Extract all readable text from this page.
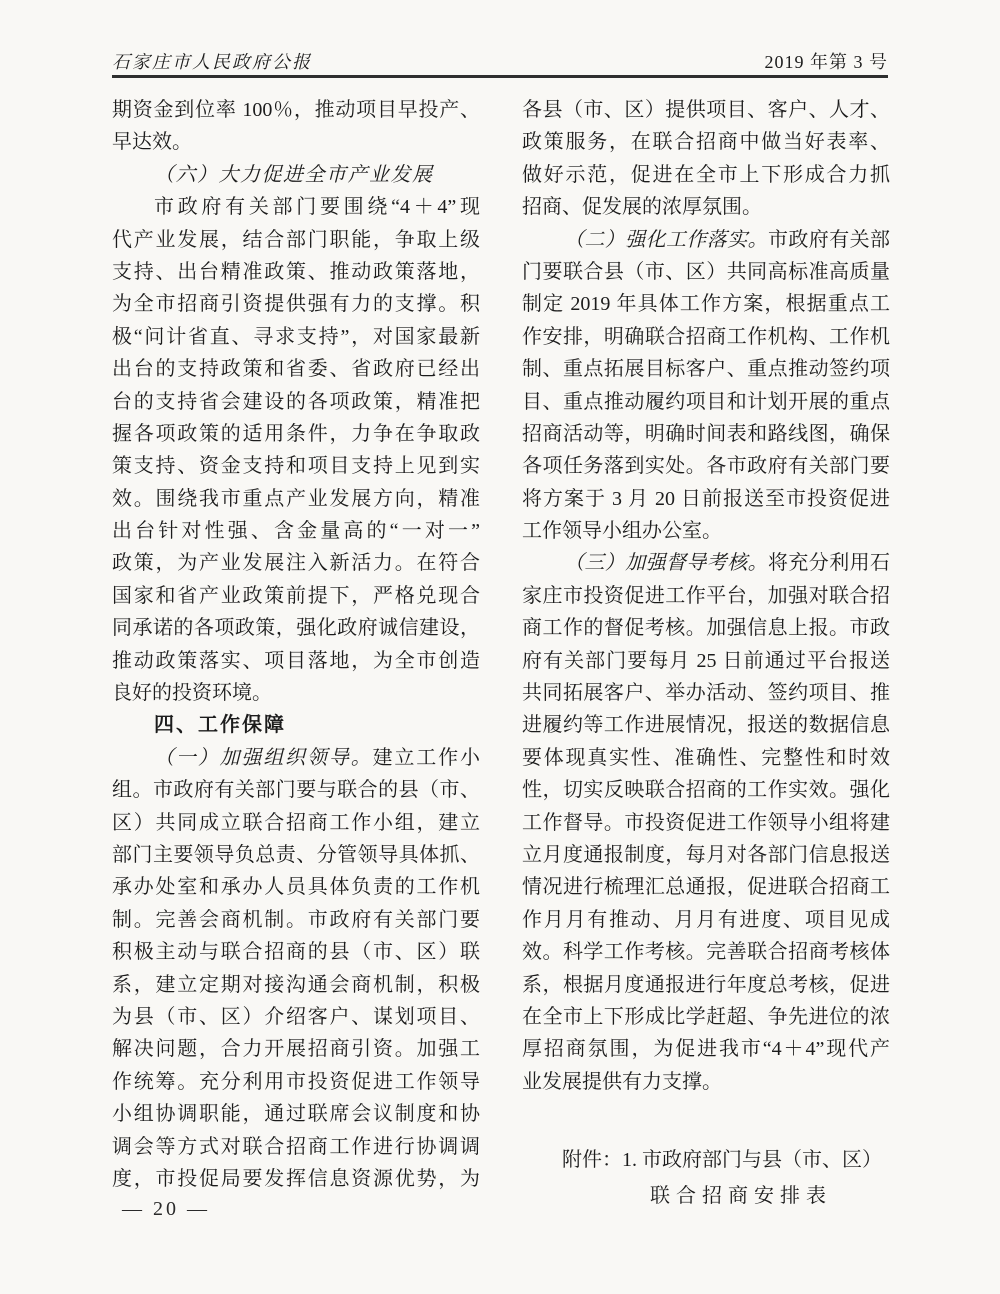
石家庄市人民政府公报	2019 年第 3 号
期资金到位率 100％，推动项目早投产、
早达效。
（六）大力促进全市产业发展
市政府有关部门要围绕“4＋4”现
代产业发展，结合部门职能，争取上级
支持、出台精准政策、推动政策落地，
为全市招商引资提供强有力的支撑。积
极“问计省直、寻求支持”，对国家最新
出台的支持政策和省委、省政府已经出
台的支持省会建设的各项政策，精准把
握各项政策的适用条件，力争在争取政
策支持、资金支持和项目支持上见到实
效。围绕我市重点产业发展方向，精准
出台针对性强、含金量高的“一对一”
政策，为产业发展注入新活力。在符合
国家和省产业政策前提下，严格兑现合
同承诺的各项政策，强化政府诚信建设，
推动政策落实、项目落地，为全市创造
良好的投资环境。
四、工作保障
（一）加强组织领导。建立工作小
组。市政府有关部门要与联合的县（市、
区）共同成立联合招商工作小组，建立
部门主要领导负总责、分管领导具体抓、
承办处室和承办人员具体负责的工作机
制。完善会商机制。市政府有关部门要
积极主动与联合招商的县（市、区）联
系，建立定期对接沟通会商机制，积极
为县（市、区）介绍客户、谋划项目、
解决问题，合力开展招商引资。加强工
作统筹。充分利用市投资促进工作领导
小组协调职能，通过联席会议制度和协
调会等方式对联合招商工作进行协调调
度，市投促局要发挥信息资源优势，为
各县（市、区）提供项目、客户、人才、
政策服务，在联合招商中做当好表率、
做好示范，促进在全市上下形成合力抓
招商、促发展的浓厚氛围。
（二）强化工作落实。市政府有关部
门要联合县（市、区）共同高标准高质量
制定 2019 年具体工作方案，根据重点工
作安排，明确联合招商工作机构、工作机
制、重点拓展目标客户、重点推动签约项
目、重点推动履约项目和计划开展的重点
招商活动等，明确时间表和路线图，确保
各项任务落到实处。各市政府有关部门要
将方案于 3 月 20 日前报送至市投资促进
工作领导小组办公室。
（三）加强督导考核。将充分利用石
家庄市投资促进工作平台，加强对联合招
商工作的督促考核。加强信息上报。市政
府有关部门要每月 25 日前通过平台报送
共同拓展客户、举办活动、签约项目、推
进履约等工作进展情况，报送的数据信息
要体现真实性、准确性、完整性和时效
性，切实反映联合招商的工作实效。强化
工作督导。市投资促进工作领导小组将建
立月度通报制度，每月对各部门信息报送
情况进行梳理汇总通报，促进联合招商工
作月月有推动、月月有进度、项目见成
效。科学工作考核。完善联合招商考核体
系，根据月度通报进行年度总考核，促进
在全市上下形成比学赶超、争先进位的浓
厚招商氛围，为促进我市“4＋4”现代产
业发展提供有力支撑。
附件：1. 市政府部门与县（市、区）
联合招商安排表
— 20 —
